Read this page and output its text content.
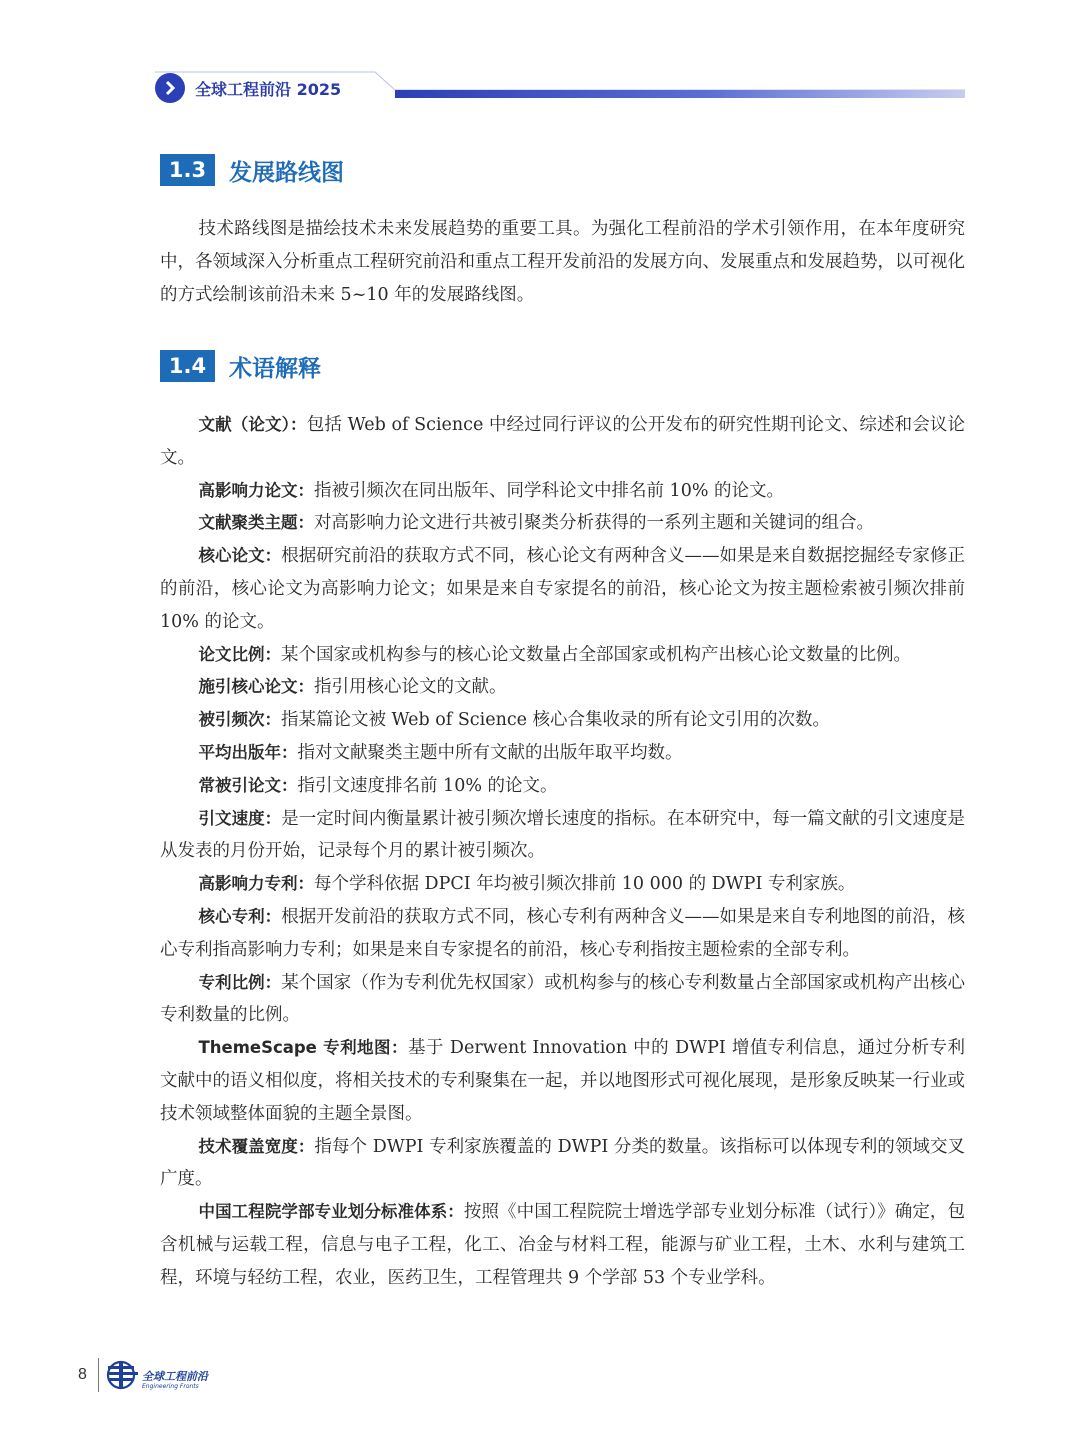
全球工程前沿 2025
1.3 发展路线图

技术路线图是描绘技术未来发展趋势的重要工具。为强化工程前沿的学术引领作用，在本年度研究中，各领域深入分析重点工程研究前沿和重点工程开发前沿的发展方向、发展重点和发展趋势，以可视化的方式绘制该前沿未来 5~10 年的发展路线图。

1.4 术语解释

文献（论文）：包括 Web of Science 中经过同行评议的公开发布的研究性期刊论文、综述和会议论文。

高影响力论文：指被引频次在同出版年、同学科论文中排名前 10% 的论文。

文献聚类主题：对高影响力论文进行共被引聚类分析获得的一系列主题和关键词的组合。

核心论文：根据研究前沿的获取方式不同，核心论文有两种含义——如果是来自数据挖掘经专家修正的前沿，核心论文为高影响力论文；如果是来自专家提名的前沿，核心论文为按主题检索被引频次排前 10% 的论文。

论文比例：某个国家或机构参与的核心论文数量占全部国家或机构产出核心论文数量的比例。

施引核心论文：指引用核心论文的文献。

被引频次：指某篇论文被 Web of Science 核心合集收录的所有论文引用的次数。

平均出版年：指对文献聚类主题中所有文献的出版年取平均数。

常被引论文：指引文速度排名前 10% 的论文。

引文速度：是一定时间内衡量累计被引频次增长速度的指标。在本研究中，每一篇文献的引文速度是从发表的月份开始，记录每个月的累计被引频次。

高影响力专利：每个学科依据 DPCI 年均被引频次排前 10 000 的 DWPI 专利家族。

核心专利：根据开发前沿的获取方式不同，核心专利有两种含义——如果是来自专利地图的前沿，核心专利指高影响力专利；如果是来自专家提名的前沿，核心专利指按主题检索的全部专利。

专利比例：某个国家（作为专利优先权国家）或机构参与的核心专利数量占全部国家或机构产出核心专利数量的比例。

ThemeScape 专利地图：基于 Derwent Innovation 中的 DWPI 增值专利信息，通过分析专利文献中的语义相似度，将相关技术的专利聚集在一起，并以地图形式可视化展现，是形象反映某一行业或技术领域整体面貌的主题全景图。

技术覆盖宽度：指每个 DWPI 专利家族覆盖的 DWPI 分类的数量。该指标可以体现专利的领域交叉广度。

中国工程院学部专业划分标准体系：按照《中国工程院院士增选学部专业划分标准（试行）》确定，包含机械与运载工程，信息与电子工程，化工、冶金与材料工程，能源与矿业工程，土木、水利与建筑工程，环境与轻纺工程，农业，医药卫生，工程管理共 9 个学部 53 个专业学科。

8	全球工程前沿
Engineering Fronts
